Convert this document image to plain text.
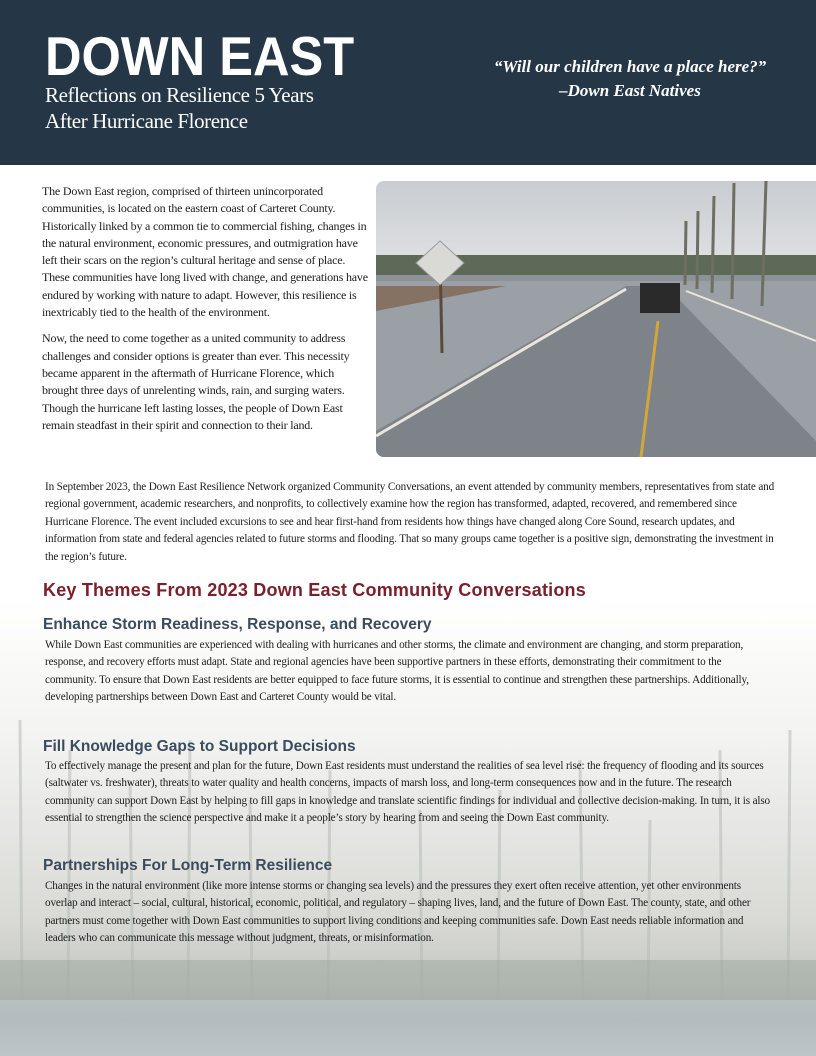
DOWN EAST
Reflections on Resilience 5 Years
After Hurricane Florence
“Will our children have a place here?”
–Down East Natives

The Down East region, comprised of thirteen unincorporated communities, is located on the eastern coast of Carteret County. Historically linked by a common tie to commercial fishing, changes in the natural environment, economic pressures, and outmigration have left their scars on the region’s cultural heritage and sense of place. These communities have long lived with change, and generations have endured by working with nature to adapt. However, this resilience is inextricably tied to the health of the environment.

Now, the need to come together as a united community to address challenges and consider options is greater than ever. This necessity became apparent in the aftermath of Hurricane Florence, which brought three days of unrelenting winds, rain, and surging waters. Though the hurricane left lasting losses, the people of Down East remain steadfast in their spirit and connection to their land.

In September 2023, the Down East Resilience Network organized Community Conversations, an event attended by community members, representatives from state and regional government, academic researchers, and nonprofits, to collectively examine how the region has transformed, adapted, recovered, and remembered since Hurricane Florence. The event included excursions to see and hear first-hand from residents how things have changed along Core Sound, research updates, and information from state and federal agencies related to future storms and flooding. That so many groups came together is a positive sign, demonstrating the investment in the region’s future.

Key Themes From 2023 Down East Community Conversations
Enhance Storm Readiness, Response, and Recovery

While Down East communities are experienced with dealing with hurricanes and other storms, the climate and environment are changing, and storm preparation, response, and recovery efforts must adapt. State and regional agencies have been supportive partners in these efforts, demonstrating their commitment to the community. To ensure that Down East residents are better equipped to face future storms, it is essential to continue and strengthen these partnerships. Additionally, developing partnerships between Down East and Carteret County would be vital.

Fill Knowledge Gaps to Support Decisions

To effectively manage the present and plan for the future, Down East residents must understand the realities of sea level rise: the frequency of flooding and its sources (saltwater vs. freshwater), threats to water quality and health concerns, impacts of marsh loss, and long-term consequences now and in the future. The research community can support Down East by helping to fill gaps in knowledge and translate scientific findings for individual and collective decision-making. In turn, it is also essential to strengthen the science perspective and make it a people’s story by hearing from and seeing the Down East community.

Partnerships For Long-Term Resilience

Changes in the natural environment (like more intense storms or changing sea levels) and the pressures they exert often receive attention, yet other environments overlap and interact – social, cultural, historical, economic, political, and regulatory – shaping lives, land, and the future of Down East. The county, state, and other partners must come together with Down East communities to support living conditions and keeping communities safe. Down East needs reliable information and leaders who can communicate this message without judgment, threats, or misinformation.
